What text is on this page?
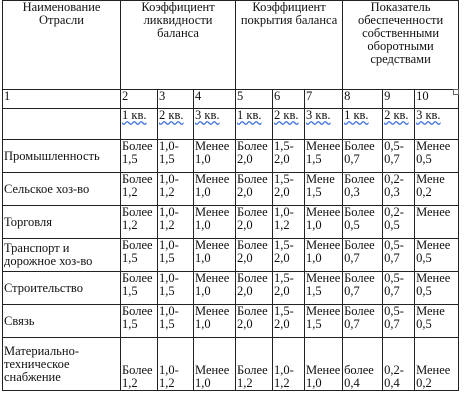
Наименование Отрасли	Коэффициент ликвидности баланса			Коэффициент покрытия баланса			Показатель обеспеченности собственными оборотными средствами		
1	2	3	4	5	6	7	8	9	10
	1 кв.	2 кв.	3 кв.	1 кв.	2 кв.	3 кв.	1 кв.	2 кв.	3 кв.
Промышленность	Более 1,5	1,0-1,5	Менее 1,0	Более 2,0	1,5-2,0	Менее 1,5	Более 0,7	0,5-0,7	Менее 0,5
Сельское хоз-во	Более 1,2	1,0-1,2	Менее 1,0	Более 2,0	1,5-2,0	Мене 1,5	Более 0,3	0,2-0,3	Мене 0,2
Торговля	Более 1,2	1,0-1,2	Менее 1,0	Более 2,0	1,0-1,2	Менее 1,0	Более 0,5	0,2-0,5	Менее
Транспорт и дорожное хоз-во	Более 1,5	1,0-1,5	Менее 1,0	Более 2,0	1,5-2,0	Менее 1,0	Более 0,7	0,5-0,7	Менее 0,5
Строительство	Более 1,5	1,0-1,5	Менее 1,0	Более 2,0	1,5-2,0	Менее 1,5	Более 0,7	0,5-0,7	Менее 0,5
Связь	Более 1,5	1,0-1,5	Менее 1,0	Более 2,0	1,5-2,0	Менее 1,5	Более 0,7	0,5-0,7	Мене 0,5
Материально-техническое снабжение	Более 1,2	1,0-1,2	Менее 1,0	Более 1,2	1,0-1,2	Менее 1,0	более 0,4	0,2-0,4	Менее 0,2
